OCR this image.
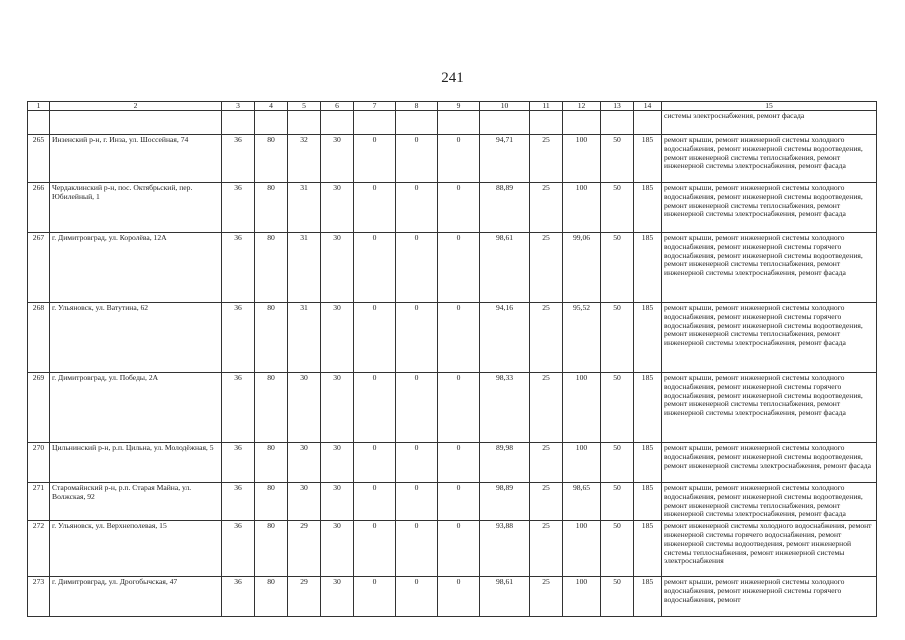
241
1	2	3	4	5	6	7	8	9	10	11	12	13	14	15
														системы электроснабжения, ремонт фасада
265	Инзенский р-н, г. Инза, ул. Шоссейная, 74	36	80	32	30	0	0	0	94,71	25	100	50	185	ремонт крыши, ремонт инженерной системы холодного водоснабжения, ремонт инженерной системы водоотведения, ремонт инженерной системы теплоснабжения, ремонт инженерной системы электроснабжения, ремонт фасада
266	Чердаклинский р-н, пос. Октябрьский, пер. Юбилейный, 1	36	80	31	30	0	0	0	88,89	25	100	50	185	ремонт крыши, ремонт инженерной системы холодного водоснабжения, ремонт инженерной системы водоотведения, ремонт инженерной системы теплоснабжения, ремонт инженерной системы электроснабжения, ремонт фасада
267	г. Димитровград, ул. Королёва, 12А	36	80	31	30	0	0	0	98,61	25	99,06	50	185	ремонт крыши, ремонт инженерной системы холодного водоснабжения, ремонт инженерной системы горячего водоснабжения, ремонт инженерной системы водоотведения, ремонт инженерной системы теплоснабжения, ремонт инженерной системы электроснабжения, ремонт фасада
268	г. Ульяновск, ул. Ватутина, 62	36	80	31	30	0	0	0	94,16	25	95,52	50	185	ремонт крыши, ремонт инженерной системы холодного водоснабжения, ремонт инженерной системы горячего водоснабжения, ремонт инженерной системы водоотведения, ремонт инженерной системы теплоснабжения, ремонт инженерной системы электроснабжения, ремонт фасада
269	г. Димитровград, ул. Победы, 2А	36	80	30	30	0	0	0	98,33	25	100	50	185	ремонт крыши, ремонт инженерной системы холодного водоснабжения, ремонт инженерной системы горячего водоснабжения, ремонт инженерной системы водоотведения, ремонт инженерной системы теплоснабжения, ремонт инженерной системы электроснабжения, ремонт фасада
270	Цильнинский р-н, р.п. Цильна, ул. Молодёжная, 5	36	80	30	30	0	0	0	89,98	25	100	50	185	ремонт крыши, ремонт инженерной системы холодного водоснабжения, ремонт инженерной системы водоотведения, ремонт инженерной системы электроснабжения, ремонт фасада
271	Старомайнский р-н, р.п. Старая Майна, ул. Волжская, 92	36	80	30	30	0	0	0	98,89	25	98,65	50	185	ремонт крыши, ремонт инженерной системы холодного водоснабжения, ремонт инженерной системы водоотведения, ремонт инженерной системы теплоснабжения, ремонт инженерной системы электроснабжения, ремонт фасада
272	г. Ульяновск, ул. Верхнеполевая, 15	36	80	29	30	0	0	0	93,88	25	100	50	185	ремонт инженерной системы холодного водоснабжения, ремонт инженерной системы горячего водоснабжения, ремонт инженерной системы водоотведения, ремонт инженерной системы теплоснабжения, ремонт инженерной системы электроснабжения
273	г. Димитровград, ул. Дрогобычская, 47	36	80	29	30	0	0	0	98,61	25	100	50	185	ремонт крыши, ремонт инженерной системы холодного водоснабжения, ремонт инженерной системы горячего водоснабжения, ремонт
